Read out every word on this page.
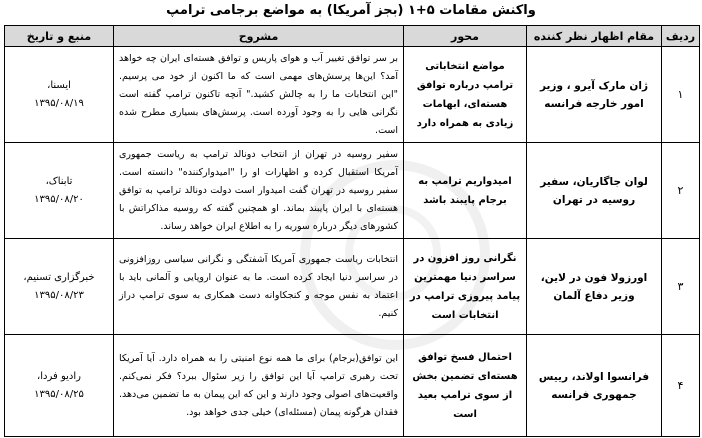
واکنش مقامات ۵+۱ (بجز آمریکا) به مواضع برجامی ترامپ
ردیف	مقام اظهار نظر کننده	محور	مشروح	منبع و تاریخ
۱	ژان مارک آیرو ، وزیر امور خارجه فرانسه	مواضع انتخاباتی ترامپ درباره توافق هسته‌ای، ابهامات زیادی به همراه دارد	بر سر توافق تغییر آب و هوای پاریس و توافق هسته‌ای ایران چه خواهد آمد؟ این‌ها پرسش‌های مهمی است که ما اکنون از خود می پرسیم. "این انتخابات ما را به چالش کشید." آنچه تاکنون ترامپ گفته است نگرانی هایی را به وجود آورده است. پرسش‌های بسیاری مطرح شده است.	ایسنا،
۱۳۹۵/۰۸/۱۹

۲	لوان جاگاریان، سفیر روسیه در تهران	امیدواریم ترامپ به برجام پایبند باشد	سفیر روسیه در تهران از انتخاب دونالد ترامپ به ریاست جمهوری آمریکا استقبال کرده و اظهارات او را "امیدوارکننده" دانسته است. سفیر روسیه در تهران گفت امیدوار است دولت دونالد ترامپ به توافق هسته‌ای با ایران پایبند بماند. او همچنین گفته که روسیه مذاکراتش با کشورهای دیگر درباره سوریه را به اطلاع ایران خواهد رساند.	تابناک،
۱۳۹۵/۰۸/۲۰

۳	اورزولا فون در لاین، وزیر دفاع آلمان	نگرانی روز افزون در سراسر دنیا مهمترین پیامد پیروزی ترامپ در انتخابات است	انتخابات ریاست جمهوری آمریکا آشفتگی و نگرانی سیاسی روزافزونی در سراسر دنیا ایجاد کرده است. ما به عنوان اروپایی و آلمانی باید با اعتماد به نفس موجه و کنجکاوانه دست همکاری به سوی ترامپ دراز کنیم.	خبرگزاری تسنیم،
۱۳۹۵/۰۸/۲۳

۴	فرانسوا اولاند، رییس جمهوری فرانسه	احتمال فسخ توافق هسته‌ای تضمین بخش از سوی ترامپ بعید است	این توافق(برجام) برای ما همه نوع امنیتی را به همراه دارد. آیا آمریکا تحت رهبری ترامپ آیا این توافق را زیر سئوال ببرد؟ فکر نمی‌کنم. واقعیت‌های اصولی وجود دارند و این که این پیمان به ما تضمین می‌دهد. فقدان هرگونه پیمان (مسئله‌ای) خیلی جدی خواهد بود.	رادیو فردا،
۱۳۹۵/۰۸/۲۵
